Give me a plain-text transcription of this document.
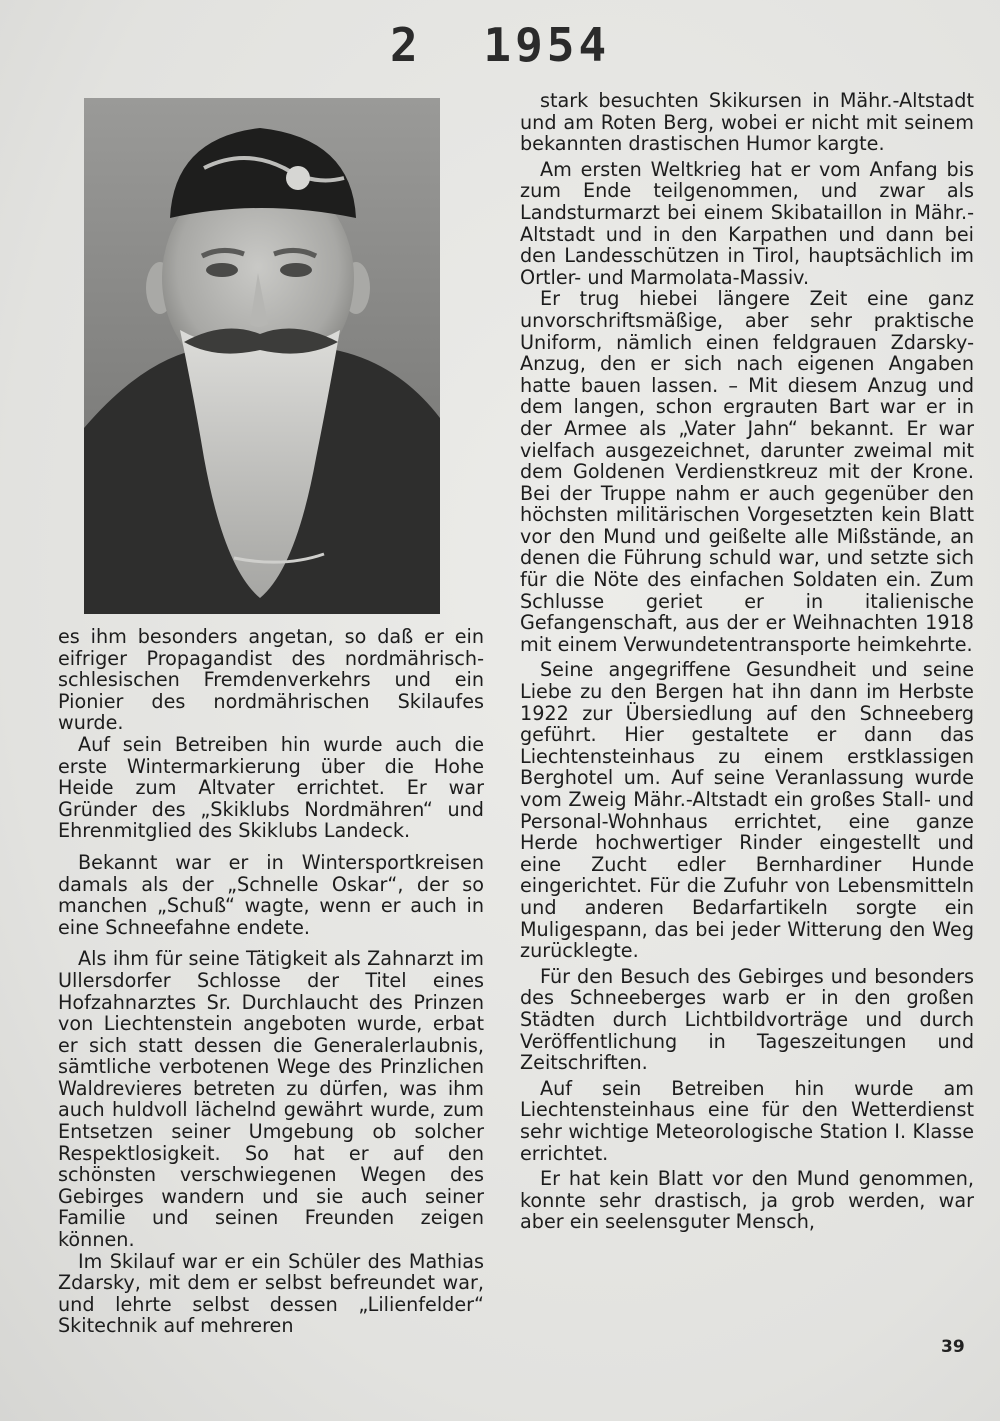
2 1954

es ihm besonders angetan, so daß er ein eifriger Propagandist des nordmährisch-schlesischen Fremdenverkehrs und ein Pionier des nordmährischen Skilaufes wurde.

Auf sein Betreiben hin wurde auch die erste Wintermarkierung über die Hohe Heide zum Altvater errichtet. Er war Gründer des „Skiklubs Nordmähren“ und Ehrenmitglied des Skiklubs Landeck.

Bekannt war er in Wintersportkreisen damals als der „Schnelle Oskar“, der so manchen „Schuß“ wagte, wenn er auch in eine Schneefahne endete.

Als ihm für seine Tätigkeit als Zahnarzt im Ullersdorfer Schlosse der Titel eines Hofzahnarztes Sr. Durchlaucht des Prinzen von Liechtenstein angeboten wurde, erbat er sich statt dessen die Generalerlaubnis, sämtliche verbotenen Wege des Prinzlichen Waldrevieres betreten zu dürfen, was ihm auch huldvoll lächelnd gewährt wurde, zum Entsetzen seiner Umgebung ob solcher Respektlosigkeit. So hat er auf den schönsten verschwiegenen Wegen des Gebirges wandern und sie auch seiner Familie und seinen Freunden zeigen können.

Im Skilauf war er ein Schüler des Mathias Zdarsky, mit dem er selbst befreundet war, und lehrte selbst dessen „Lilienfelder“ Skitechnik auf mehreren

stark besuchten Skikursen in Mähr.-Altstadt und am Roten Berg, wobei er nicht mit seinem bekannten drastischen Humor kargte.

Am ersten Weltkrieg hat er vom Anfang bis zum Ende teilgenommen, und zwar als Landsturmarzt bei einem Skibataillon in Mähr.-Altstadt und in den Karpathen und dann bei den Landesschützen in Tirol, hauptsächlich im Ortler- und Marmolata-Massiv.

Er trug hiebei längere Zeit eine ganz unvorschriftsmäßige, aber sehr praktische Uniform, nämlich einen feldgrauen Zdarsky-Anzug, den er sich nach eigenen Angaben hatte bauen lassen. – Mit diesem Anzug und dem langen, schon ergrauten Bart war er in der Armee als „Vater Jahn“ bekannt. Er war vielfach ausgezeichnet, darunter zweimal mit dem Goldenen Verdienstkreuz mit der Krone. Bei der Truppe nahm er auch gegenüber den höchsten militärischen Vorgesetzten kein Blatt vor den Mund und geißelte alle Mißstände, an denen die Führung schuld war, und setzte sich für die Nöte des einfachen Soldaten ein. Zum Schlusse geriet er in italienische Gefangenschaft, aus der er Weihnachten 1918 mit einem Verwundetentransporte heimkehrte.

Seine angegriffene Gesundheit und seine Liebe zu den Bergen hat ihn dann im Herbste 1922 zur Übersiedlung auf den Schneeberg geführt. Hier gestaltete er dann das Liechtensteinhaus zu einem erstklassigen Berghotel um. Auf seine Veranlassung wurde vom Zweig Mähr.-Altstadt ein großes Stall- und Personal-Wohnhaus errichtet, eine ganze Herde hochwertiger Rinder eingestellt und eine Zucht edler Bernhardiner Hunde eingerichtet. Für die Zufuhr von Lebensmitteln und anderen Bedarfartikeln sorgte ein Muligespann, das bei jeder Witterung den Weg zurücklegte.

Für den Besuch des Gebirges und besonders des Schneeberges warb er in den großen Städten durch Lichtbildvorträge und durch Veröffentlichung in Tageszeitungen und Zeitschriften.

Auf sein Betreiben hin wurde am Liechtensteinhaus eine für den Wetterdienst sehr wichtige Meteorologische Station I. Klasse errichtet.

Er hat kein Blatt vor den Mund genommen, konnte sehr drastisch, ja grob werden, war aber ein seelensguter Mensch,

39
